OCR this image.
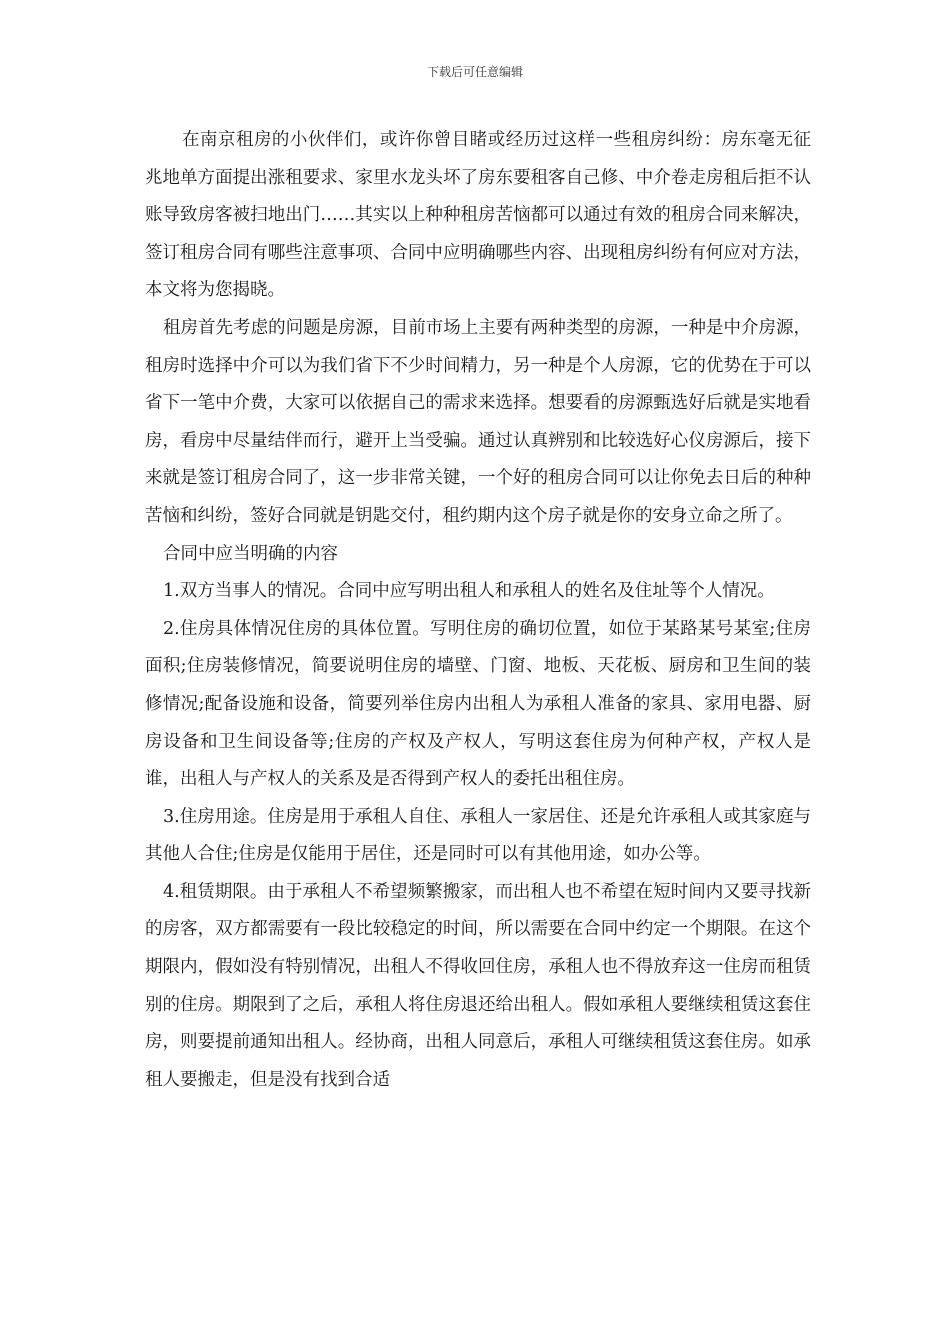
下载后可任意编辑

在南京租房的小伙伴们，或许你曾目睹或经历过这样一些租房纠纷：房东毫无征兆地单方面提出涨租要求、家里水龙头坏了房东要租客自己修、中介卷走房租后拒不认账导致房客被扫地出门……其实以上种种租房苦恼都可以通过有效的租房合同来解决，签订租房合同有哪些注意事项、合同中应明确哪些内容、出现租房纠纷有何应对方法，本文将为您揭晓。

租房首先考虑的问题是房源，目前市场上主要有两种类型的房源，一种是中介房源，租房时选择中介可以为我们省下不少时间精力，另一种是个人房源，它的优势在于可以省下一笔中介费，大家可以依据自己的需求来选择。想要看的房源甄选好后就是实地看房，看房中尽量结伴而行，避开上当受骗。通过认真辨别和比较选好心仪房源后，接下来就是签订租房合同了，这一步非常关键，一个好的租房合同可以让你免去日后的种种苦恼和纠纷，签好合同就是钥匙交付，租约期内这个房子就是你的安身立命之所了。

合同中应当明确的内容

1.双方当事人的情况。合同中应写明出租人和承租人的姓名及住址等个人情况。

2.住房具体情况住房的具体位置。写明住房的确切位置，如位于某路某号某室;住房面积;住房装修情况，简要说明住房的墙壁、门窗、地板、天花板、厨房和卫生间的装修情况;配备设施和设备，简要列举住房内出租人为承租人准备的家具、家用电器、厨房设备和卫生间设备等;住房的产权及产权人，写明这套住房为何种产权，产权人是谁，出租人与产权人的关系及是否得到产权人的委托出租住房。

3.住房用途。住房是用于承租人自住、承租人一家居住、还是允许承租人或其家庭与其他人合住;住房是仅能用于居住，还是同时可以有其他用途，如办公等。

4.租赁期限。由于承租人不希望频繁搬家，而出租人也不希望在短时间内又要寻找新的房客，双方都需要有一段比较稳定的时间，所以需要在合同中约定一个期限。在这个期限内，假如没有特别情况，出租人不得收回住房，承租人也不得放弃这一住房而租赁别的住房。期限到了之后，承租人将住房退还给出租人。假如承租人要继续租赁这套住房，则要提前通知出租人。经协商，出租人同意后，承租人可继续租赁这套住房。如承租人要搬走，但是没有找到合适
